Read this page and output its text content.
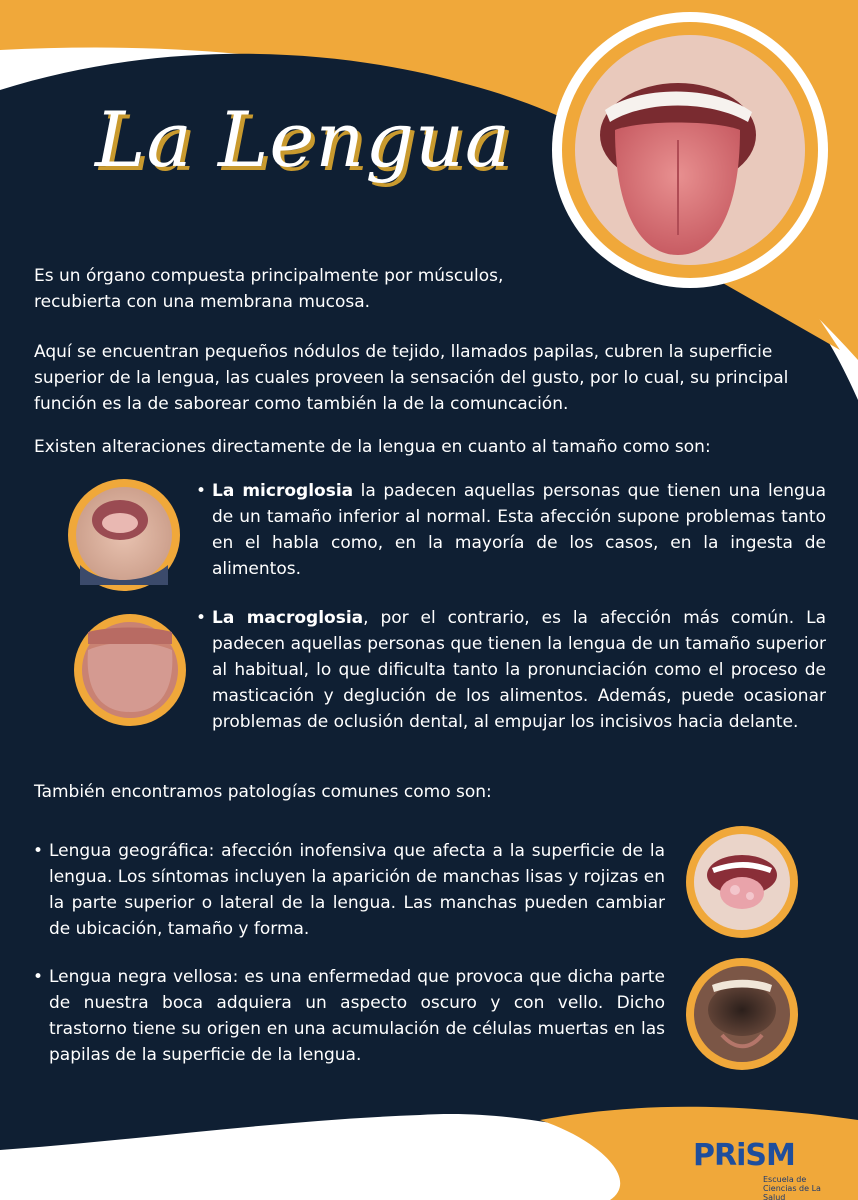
La Lengua

Es un órgano compuesta principalmente por músculos, recubierta con una membrana mucosa.

Aquí se encuentran pequeños nódulos de tejido, llamados papilas, cubren la superficie superior de la lengua, las cuales proveen la sensación del gusto, por lo cual, su principal función es la de saborear como también la de la comuncación.

Existen alteraciones directamente de la lengua en cuanto al tamaño como son:

• La microglosia la padecen aquellas personas que tienen una lengua de un tamaño inferior al normal. Esta afección supone problemas tanto en el habla como, en la mayoría de los casos, en la ingesta de alimentos.
• La macroglosia, por el contrario, es la afección más común. La padecen aquellas personas que tienen la lengua de un tamaño superior al habitual, lo que dificulta tanto la pronunciación como el proceso de masticación y deglución de los alimentos. Además, puede ocasionar problemas de oclusión dental, al empujar los incisivos hacia delante.

También encontramos patologías comunes como son:

• Lengua geográfica: afección inofensiva que afecta a la superficie de la lengua. Los síntomas incluyen la aparición de manchas lisas y rojizas en la parte superior o lateral de la lengua. Las manchas pueden cambiar de ubicación, tamaño y forma.
• Lengua negra vellosa: es una enfermedad que provoca que dicha parte de nuestra boca adquiera un aspecto oscuro y con vello. Dicho trastorno tiene su origen en una acumulación de células muertas en las papilas de la superficie de la lengua.
PRiSM
Escuela de
Ciencias de La Salud
